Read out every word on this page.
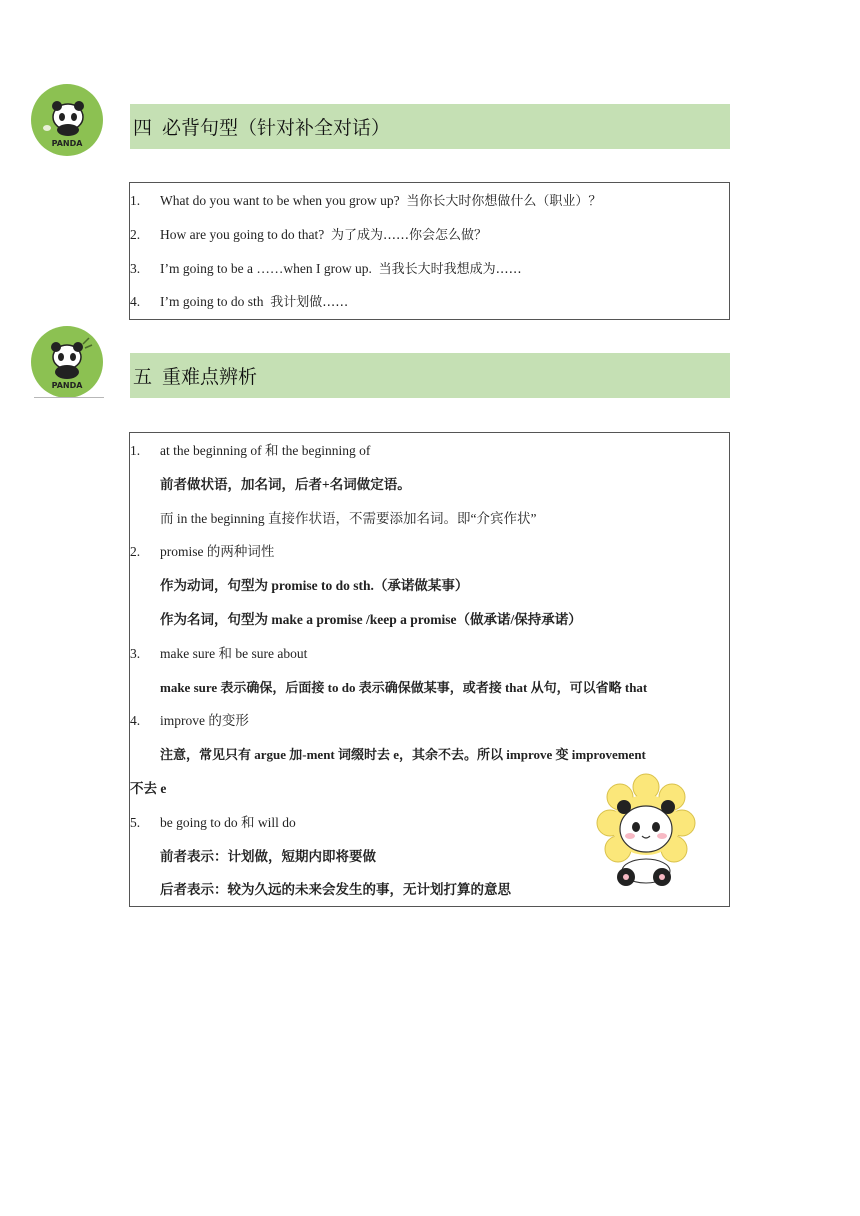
PANDA
四 必背句型（针对补全对话）
1. What do you want to be when you grow up? 当你长大时你想做什么（职业）？
2. How are you going to do that? 为了成为……你会怎么做？
3. I’m going to be a ……when I grow up. 当我长大时我想成为……
4. I’m going to do sth 我计划做……
PANDA	五 重难点辨析
1. at the beginning of 和 the beginning of
前者做状语，加名词，后者+名词做定语。
而 in the beginning 直接作状语，不需要添加名词。即“介宾作状”
2. promise 的两种词性
作为动词，句型为 promise to do sth.（承诺做某事）
作为名词，句型为 make a promise /keep a promise（做承诺/保持承诺）
3. make sure 和 be sure about
make sure 表示确保，后面接 to do 表示确保做某事，或者接 that 从句，可以省略 that
4. improve 的变形
注意，常见只有 argue 加-ment 词缀时去 e，其余不去。所以 improve 变 improvement
不去 e
5. be going to do 和 will do
前者表示：计划做，短期内即将要做
后者表示：较为久远的未来会发生的事，无计划打算的意思
